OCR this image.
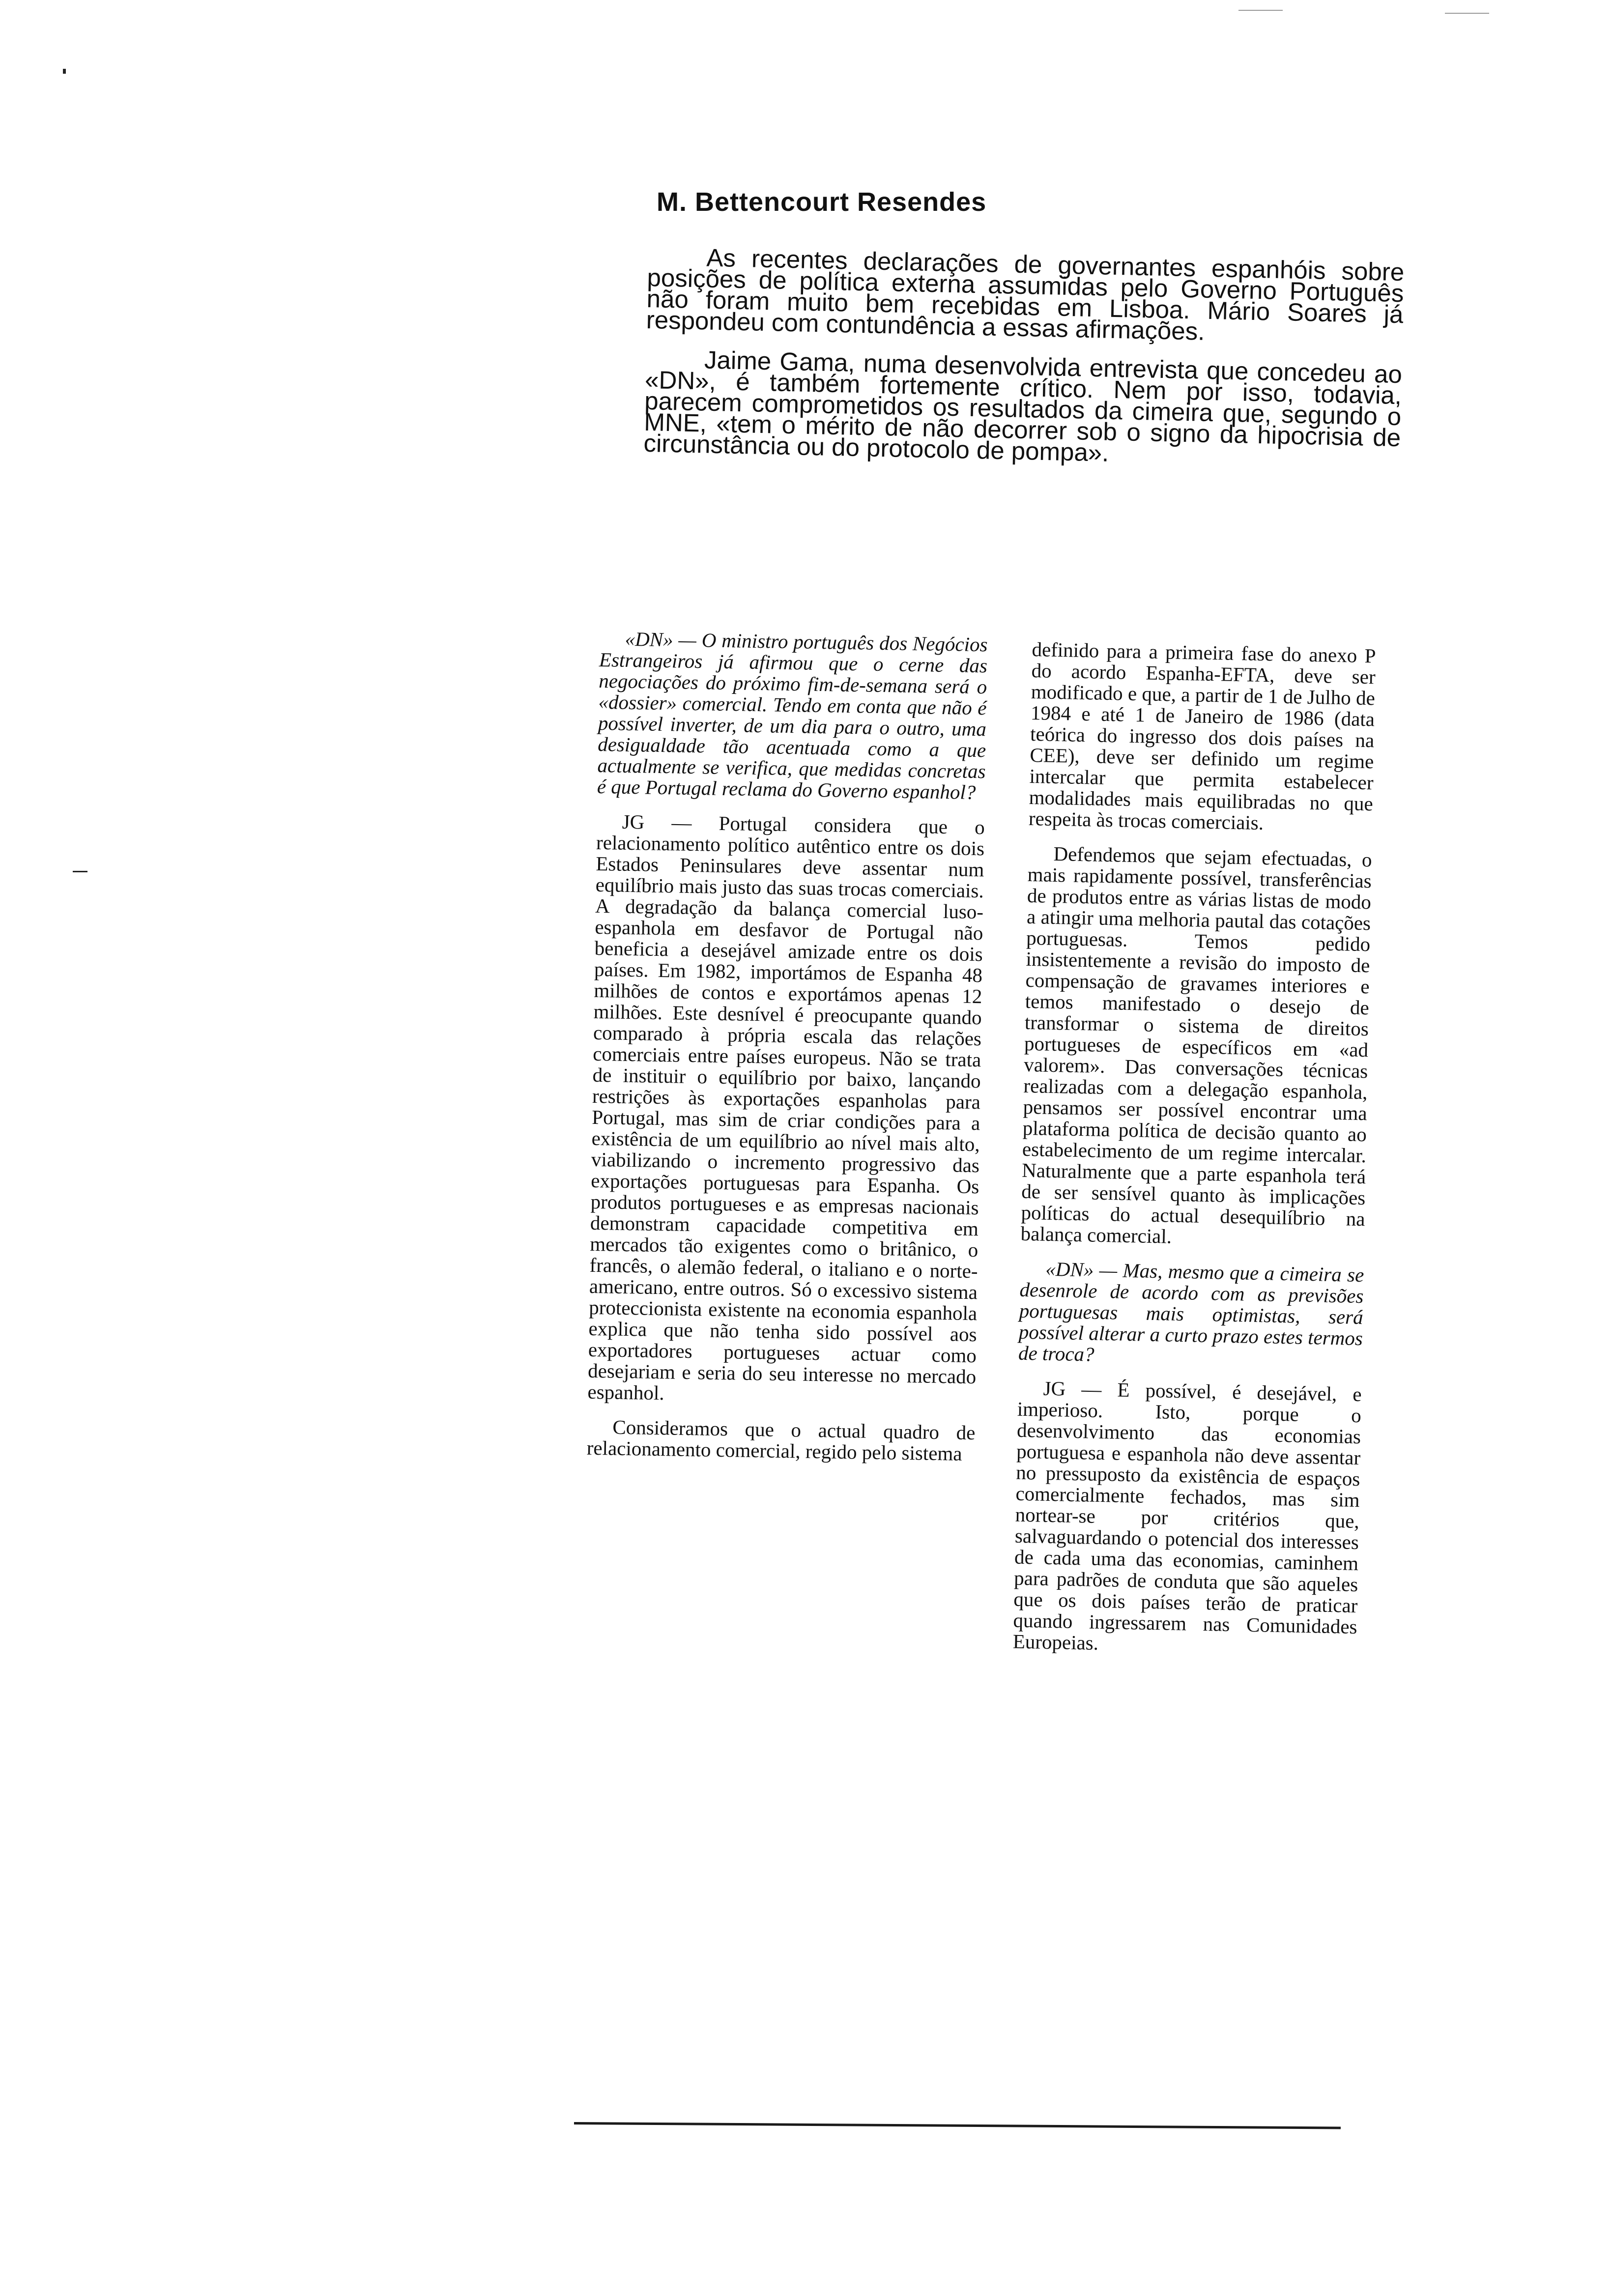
M. Bettencourt Resendes

As recentes declarações de governantes espanhóis sobre posições de política externa assumidas pelo Governo Português não foram muito bem recebidas em Lisboa. Mário Soares já respondeu com contundência a essas afirmações.

Jaime Gama, numa desenvolvida entrevista que concedeu ao «DN», é também fortemente crítico. Nem por isso, todavia, parecem comprometidos os resultados da cimeira que, segundo o MNE, «tem o mérito de não decorrer sob o signo da hipocrisia de circunstância ou do protocolo de pompa».

«DN» — O ministro português dos Negócios Estrangeiros já afirmou que o cerne das negociações do próximo fim-de-semana será o «dossier» comercial. Tendo em conta que não é possível inverter, de um dia para o outro, uma desigualdade tão acentuada como a que actualmente se verifica, que medidas concretas é que Portugal reclama do Governo espanhol?

JG — Portugal considera que o relacionamento político autêntico entre os dois Estados Peninsulares deve assentar num equilíbrio mais justo das suas trocas comerciais. A degradação da balança comercial luso-espanhola em desfavor de Portugal não beneficia a desejável amizade entre os dois países. Em 1982, importámos de Espanha 48 milhões de contos e exportámos apenas 12 milhões. Este desnível é preocupante quando comparado à própria escala das relações comerciais entre países europeus. Não se trata de instituir o equilíbrio por baixo, lançando restrições às exportações espanholas para Portugal, mas sim de criar condições para a existência de um equilíbrio ao nível mais alto, viabilizando o incremento progressivo das exportações portuguesas para Espanha. Os produtos portugueses e as empresas nacionais demonstram capacidade competitiva em mercados tão exigentes como o britânico, o francês, o alemão federal, o italiano e o norte-americano, entre outros. Só o excessivo sistema proteccionista existente na economia espanhola explica que não tenha sido possível aos exportadores portugueses actuar como desejariam e seria do seu interesse no mercado espanhol.

Consideramos que o actual quadro de relacionamento comercial, regido pelo sistema

definido para a primeira fase do anexo P do acordo Espanha-EFTA, deve ser modificado e que, a partir de 1 de Julho de 1984 e até 1 de Janeiro de 1986 (data teórica do ingresso dos dois países na CEE), deve ser definido um regime intercalar que permita estabelecer modalidades mais equilibradas no que respeita às trocas comerciais.

Defendemos que sejam efectuadas, o mais rapidamente possível, transferências de produtos entre as várias listas de modo a atingir uma melhoria pautal das cotações portuguesas. Temos pedido insistentemente a revisão do imposto de compensação de gravames interiores e temos manifestado o desejo de transformar o sistema de direitos portugueses de específicos em «ad valorem». Das conversações técnicas realizadas com a delegação espanhola, pensamos ser possível encontrar uma plataforma política de decisão quanto ao estabelecimento de um regime intercalar. Naturalmente que a parte espanhola terá de ser sensível quanto às implicações políticas do actual desequilíbrio na balança comercial.

«DN» — Mas, mesmo que a cimeira se desenrole de acordo com as previsões portuguesas mais optimistas, será possível alterar a curto prazo estes termos de troca?

JG — É possível, é desejável, e imperioso. Isto, porque o desenvolvimento das economias portuguesa e espanhola não deve assentar no pressuposto da existência de espaços comercialmente fechados, mas sim nortear-se por critérios que, salvaguardando o potencial dos interesses de cada uma das economias, caminhem para padrões de conduta que são aqueles que os dois países terão de praticar quando ingressarem nas Comunidades Europeias.
